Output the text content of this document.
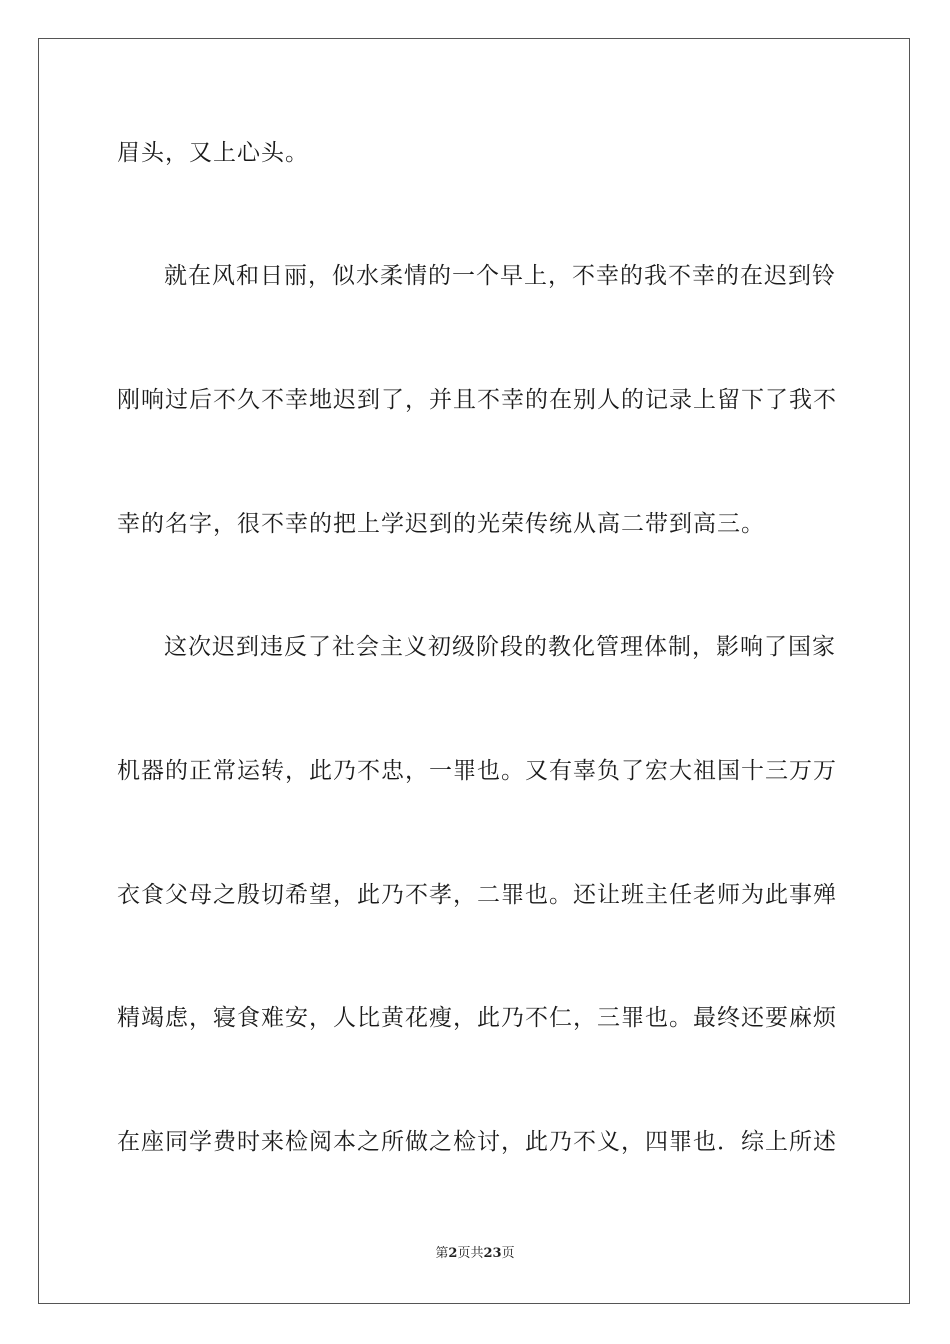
眉头，又上心头。
就在风和日丽，似水柔情的一个早上，不幸的我不幸的在迟到铃
刚响过后不久不幸地迟到了，并且不幸的在别人的记录上留下了我不
幸的名字，很不幸的把上学迟到的光荣传统从高二带到高三。
这次迟到违反了社会主义初级阶段的教化管理体制，影响了国家
机器的正常运转，此乃不忠，一罪也。又有辜负了宏大祖国十三万万
衣食父母之殷切希望，此乃不孝，二罪也。还让班主任老师为此事殚
精竭虑，寝食难安，人比黄花瘦，此乃不仁，三罪也。最终还要麻烦
在座同学费时来检阅本之所做之检讨，此乃不义，四罪也．综上所述
第2页共23页
